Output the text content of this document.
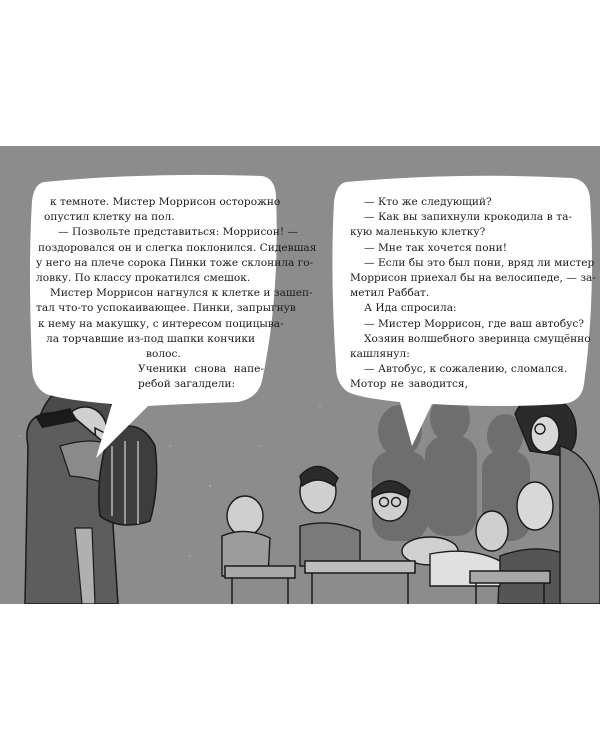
к темноте. Мистер Моррисон осторожно
опустил клетку на пол.
— Позвольте представиться: Моррисон! —
поздоровался он и слегка поклонился. Сидевшая
у него на плече сорока Пинки тоже склонила го-
ловку. По классу прокатился смешок.
Мистер Моррисон нагнулся к клетке и зашеп-
тал что-то успокаивающее. Пинки, запрыгнув
к нему на макушку, с интересом поцицыва-
ла торчавшие из-под шапки кончики
волос.
Ученики снова напе-
ребой загалдели:
— Кто же следующий?
— Как вы запихнули крокодила в та-
кую маленькую клетку?
— Мне так хочется пони!
— Если бы это был пони, вряд ли мистер
Моррисон приехал бы на велосипеде, — за-
метил Раббат.
А Ида спросила:
— Мистер Моррисон, где ваш автобус?
Хозяин волшебного зверинца смущённо
кашлянул:
— Автобус, к сожалению, сломался.
Мотор не заводится,
